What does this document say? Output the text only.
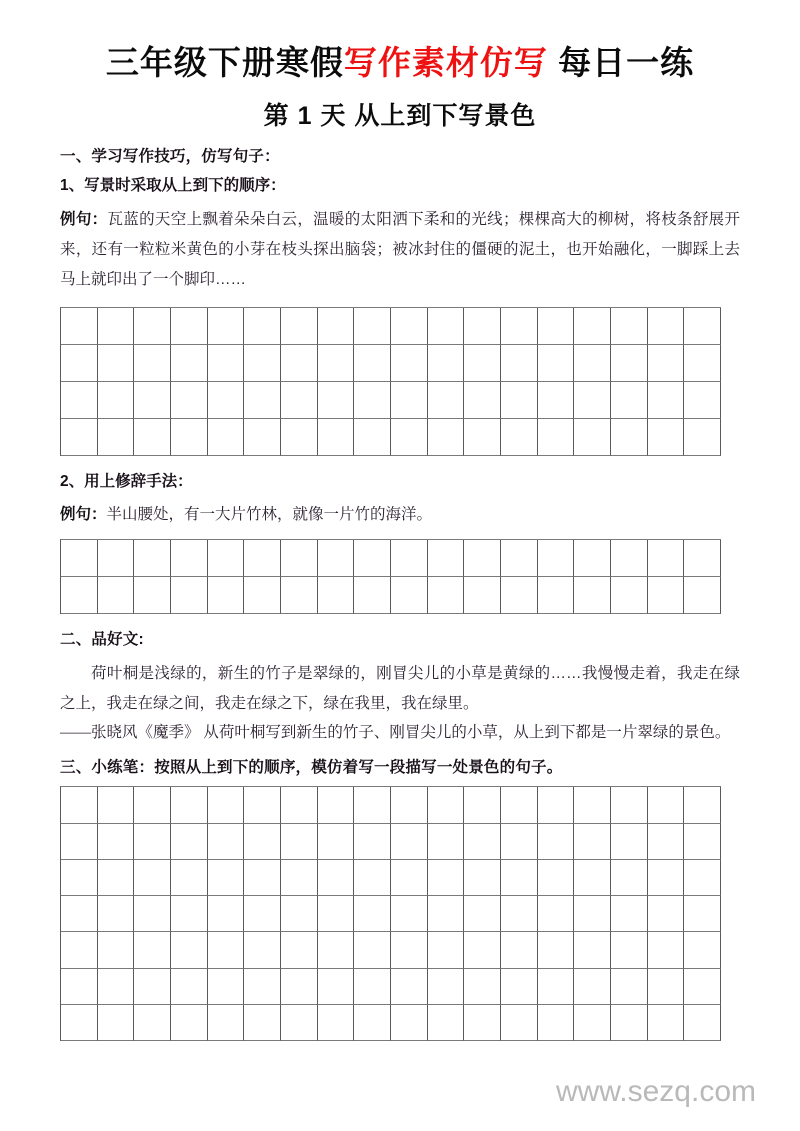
三年级下册寒假写作素材仿写 每日一练
第 1 天 从上到下写景色
一、学习写作技巧，仿写句子：
1、写景时采取从上到下的顺序：

例句：瓦蓝的天空上飘着朵朵白云，温暖的太阳洒下柔和的光线；棵棵高大的柳树，将枝条舒展开来，还有一粒粒米黄色的小芽在枝头探出脑袋；被冰封住的僵硬的泥土，也开始融化，一脚踩上去马上就印出了一个脚印……

2、用上修辞手法：

例句：半山腰处，有一大片竹林，就像一片竹的海洋。

二、品好文:

荷叶桐是浅绿的，新生的竹子是翠绿的，刚冒尖儿的小草是黄绿的……我慢慢走着，我走在绿之上，我走在绿之间，我走在绿之下，绿在我里，我在绿里。

——张晓风《魔季》 从荷叶桐写到新生的竹子、刚冒尖儿的小草，从上到下都是一片翠绿的景色。

三、小练笔：按照从上到下的顺序，模仿着写一段描写一处景色的句子。
www.sezq.com
